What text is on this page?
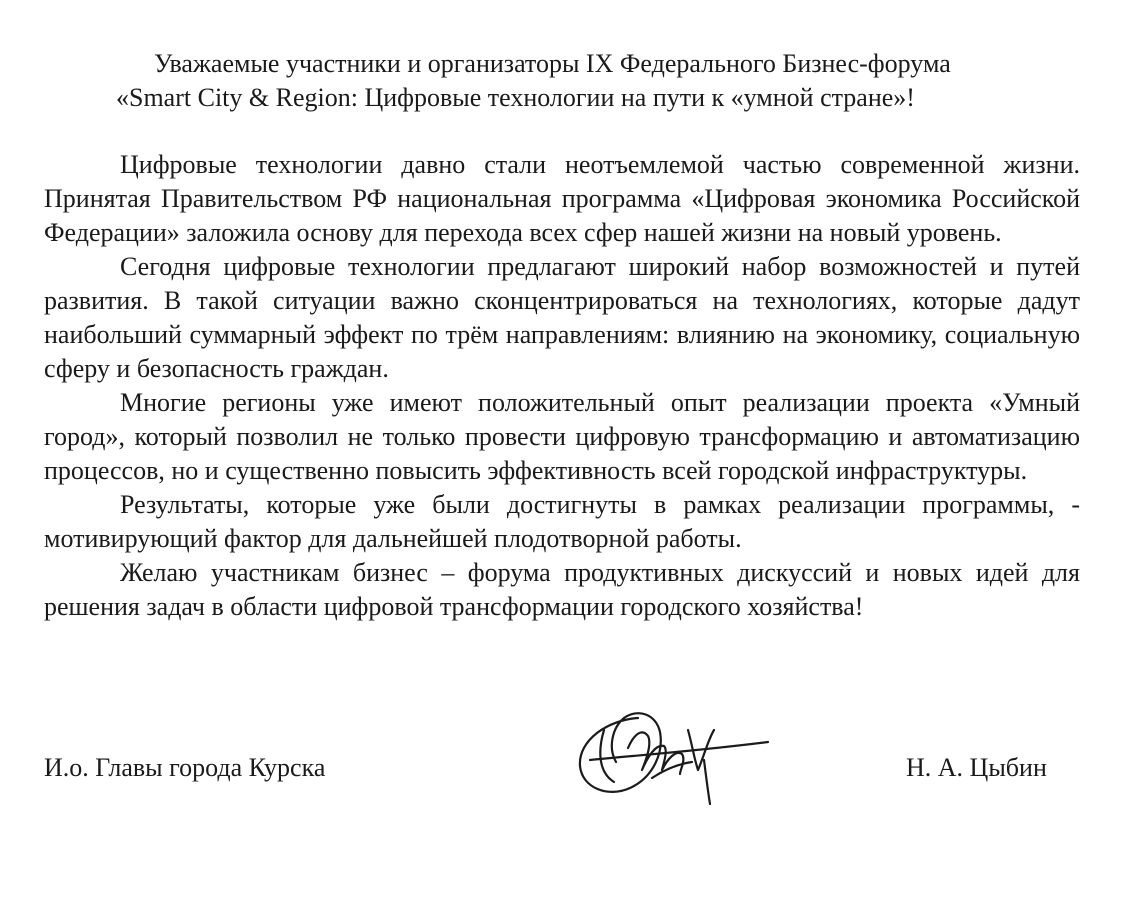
Уважаемые участники и организаторы IX Федерального Бизнес-форума
«Smart City & Region: Цифровые технологии на пути к «умной стране»!

Цифровые технологии давно стали неотъемлемой частью современной жизни. Принятая Правительством РФ национальная программа «Цифровая экономика Российской Федерации» заложила основу для перехода всех сфер нашей жизни на новый уровень.

Сегодня цифровые технологии предлагают широкий набор возможностей и путей развития. В такой ситуации важно сконцентрироваться на технологиях, которые дадут наибольший суммарный эффект по трём направлениям: влиянию на экономику, социальную сферу и безопасность граждан.

Многие регионы уже имеют положительный опыт реализации проекта «Умный город», который позволил не только провести цифровую трансформацию и автоматизацию процессов, но и существенно повысить эффективность всей городской инфраструктуры.

Результаты, которые уже были достигнуты в рамках реализации программы, - мотивирующий фактор для дальнейшей плодотворной работы.

Желаю участникам бизнес – форума продуктивных дискуссий и новых идей для решения задач в области цифровой трансформации городского хозяйства!

И.о. Главы города Курска	Н. А. Цыбин
